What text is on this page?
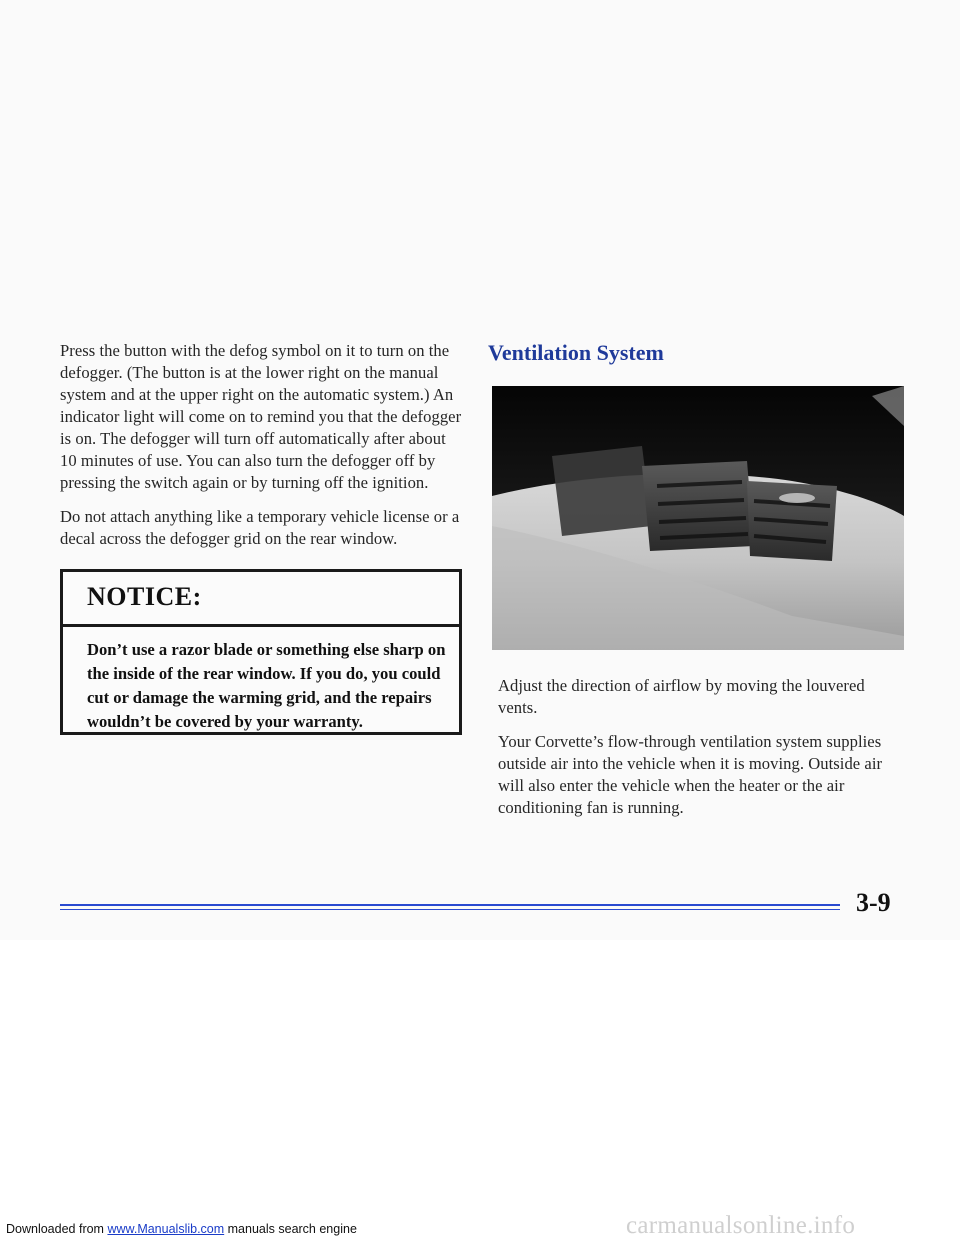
Press the button with the defog symbol on it to turn on the defogger. (The button is at the lower right on the manual system and at the upper right on the automatic system.) An indicator light will come on to remind you that the defogger is on. The defogger will turn off automatically after about 10 minutes of use. You can also turn the defogger off by pressing the switch again or by turning off the ignition.

Do not attach anything like a temporary vehicle license or a decal across the defogger grid on the rear window.

NOTICE:
Don’t use a razor blade or something else sharp on the inside of the rear window. If you do, you could cut or damage the warming grid, and the repairs wouldn’t be covered by your warranty.
Ventilation System

Adjust the direction of airflow by moving the louvered vents.

Your Corvette’s flow-through ventilation system supplies outside air into the vehicle when it is moving. Outside air will also enter the vehicle when the heater or the air conditioning fan is running.

3-9
Downloaded from www.Manualslib.com manuals search engine	carmanualsonline.info
